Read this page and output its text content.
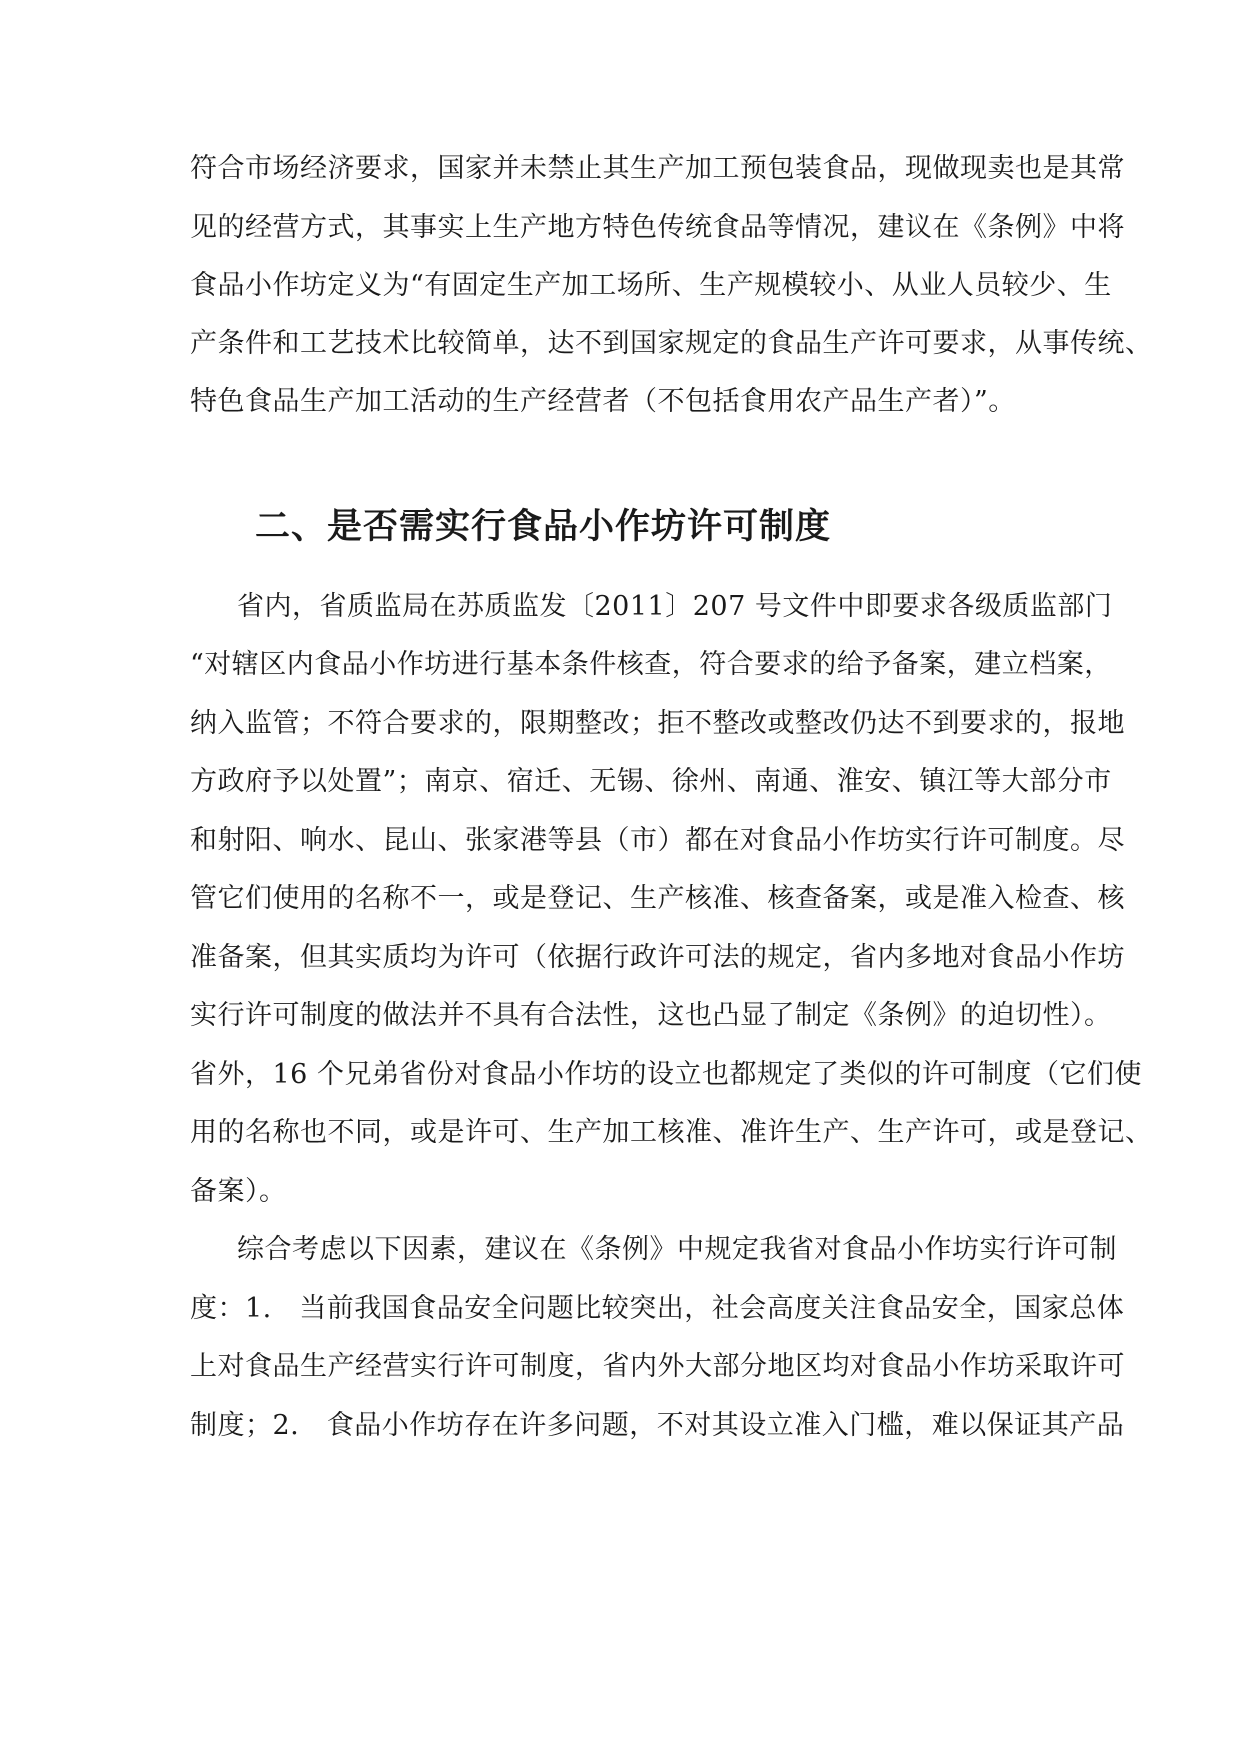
符合市场经济要求，国家并未禁止其生产加工预包装食品，现做现卖也是其常
见的经营方式，其事实上生产地方特色传统食品等情况，建议在《条例》中将
食品小作坊定义为“有固定生产加工场所、生产规模较小、从业人员较少、生
产条件和工艺技术比较简单，达不到国家规定的食品生产许可要求，从事传统、
特色食品生产加工活动的生产经营者（不包括食用农产品生产者）”。
二、是否需实行食品小作坊许可制度
省内，省质监局在苏质监发〔2011〕207 号文件中即要求各级质监部门
“对辖区内食品小作坊进行基本条件核查，符合要求的给予备案，建立档案，
纳入监管；不符合要求的，限期整改；拒不整改或整改仍达不到要求的，报地
方政府予以处置”；南京、宿迁、无锡、徐州、南通、淮安、镇江等大部分市
和射阳、响水、昆山、张家港等县（市）都在对食品小作坊实行许可制度。尽
管它们使用的名称不一，或是登记、生产核准、核查备案，或是准入检查、核
准备案，但其实质均为许可（依据行政许可法的规定，省内多地对食品小作坊
实行许可制度的做法并不具有合法性，这也凸显了制定《条例》的迫切性）。
省外，16 个兄弟省份对食品小作坊的设立也都规定了类似的许可制度（它们使
用的名称也不同，或是许可、生产加工核准、准许生产、生产许可，或是登记、
备案）。
综合考虑以下因素，建议在《条例》中规定我省对食品小作坊实行许可制
度：1.　当前我国食品安全问题比较突出，社会高度关注食品安全，国家总体
上对食品生产经营实行许可制度，省内外大部分地区均对食品小作坊采取许可
制度；2.　食品小作坊存在许多问题，不对其设立准入门槛，难以保证其产品
